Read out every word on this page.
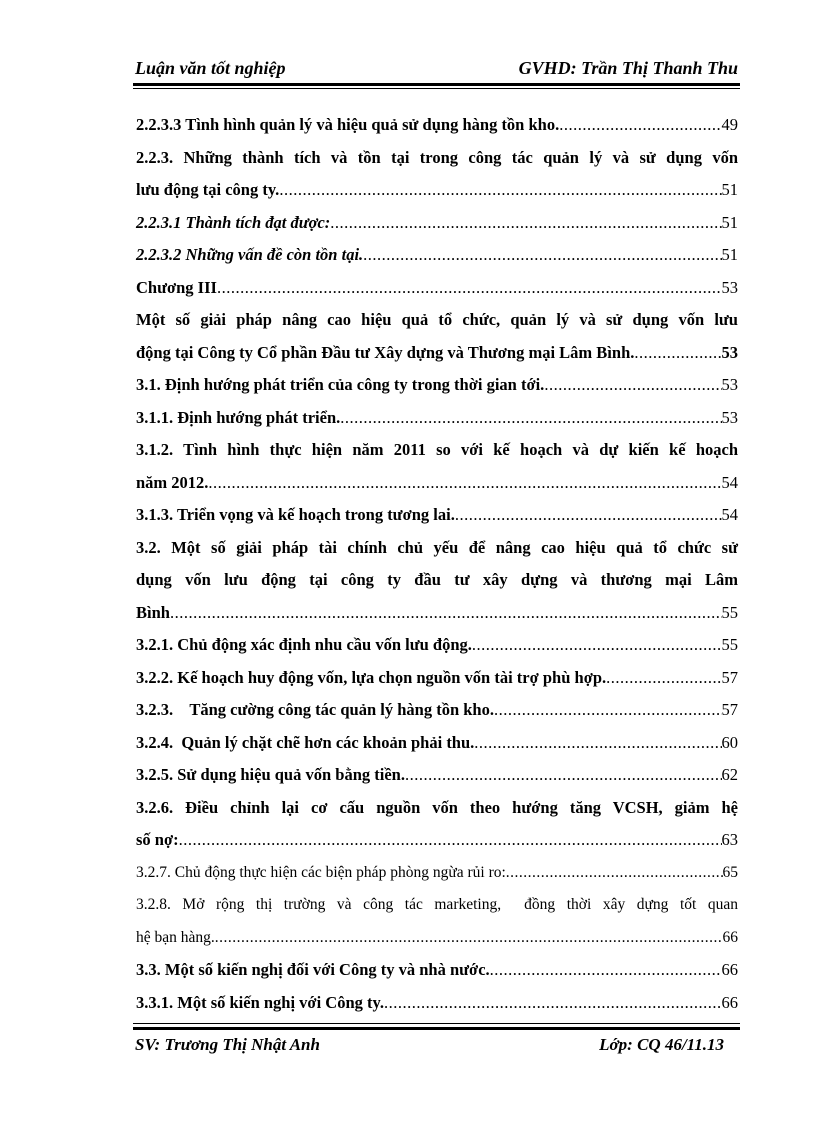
Luận văn tốt nghiệp	GVHD: Trần Thị Thanh Thu
2.2.3.3 Tình hình quản lý và hiệu quả sử dụng hàng tồn kho. .....	49
2.2.3. Những thành tích và tồn tại trong công tác quản lý và sử dụng vốn
lưu động tại công ty. .....	51
2.2.3.1 Thành tích đạt được: .....	51
2.2.3.2 Những vấn đề còn tồn tại. .....	51
Chương III .....	53
Một số giải pháp nâng cao hiệu quả tổ chức, quản lý và sử dụng vốn lưu
động tại Công ty Cổ phần Đầu tư Xây dựng và Thương mại Lâm Bình. .....	53
3.1. Định hướng phát triển của công ty trong thời gian tới. .....	53
3.1.1. Định hướng phát triển. .....	53
3.1.2. Tình hình thực hiện năm 2011 so với kế hoạch và dự kiến kế hoạch
năm 2012. .....	54
3.1.3. Triển vọng và kế hoạch trong tương lai. .....	54
3.2. Một số giải pháp tài chính chủ yếu để nâng cao hiệu quả tổ chức sử
dụng vốn lưu động tại công ty đầu tư xây dựng và thương mại Lâm
Bình .....	55
3.2.1. Chủ động xác định nhu cầu vốn lưu động. .....	55
3.2.2. Kế hoạch huy động vốn, lựa chọn nguồn vốn tài trợ phù hợp. .....	57
3.2.3.    Tăng cường công tác quản lý hàng tồn kho. .....	57
3.2.4.  Quản lý chặt chẽ hơn các khoản phải thu. .....	60
3.2.5. Sử dụng hiệu quả vốn bằng tiền. .....	62
3.2.6. Điều chỉnh lại cơ cấu nguồn vốn theo hướng tăng VCSH, giảm hệ
số nợ: .....	63
3.2.7. Chủ động thực hiện các biện pháp phòng ngừa rủi ro: .....	65
3.2.8. Mở rộng thị trường và công tác marketing,  đồng thời xây dựng tốt quan
hệ bạn hàng. .....	66
3.3. Một số kiến nghị đối với Công ty và nhà nước. .....	66
3.3.1. Một số kiến nghị với Công ty. .....	66
SV: Trương Thị Nhật Anh	Lớp: CQ 46/11.13
